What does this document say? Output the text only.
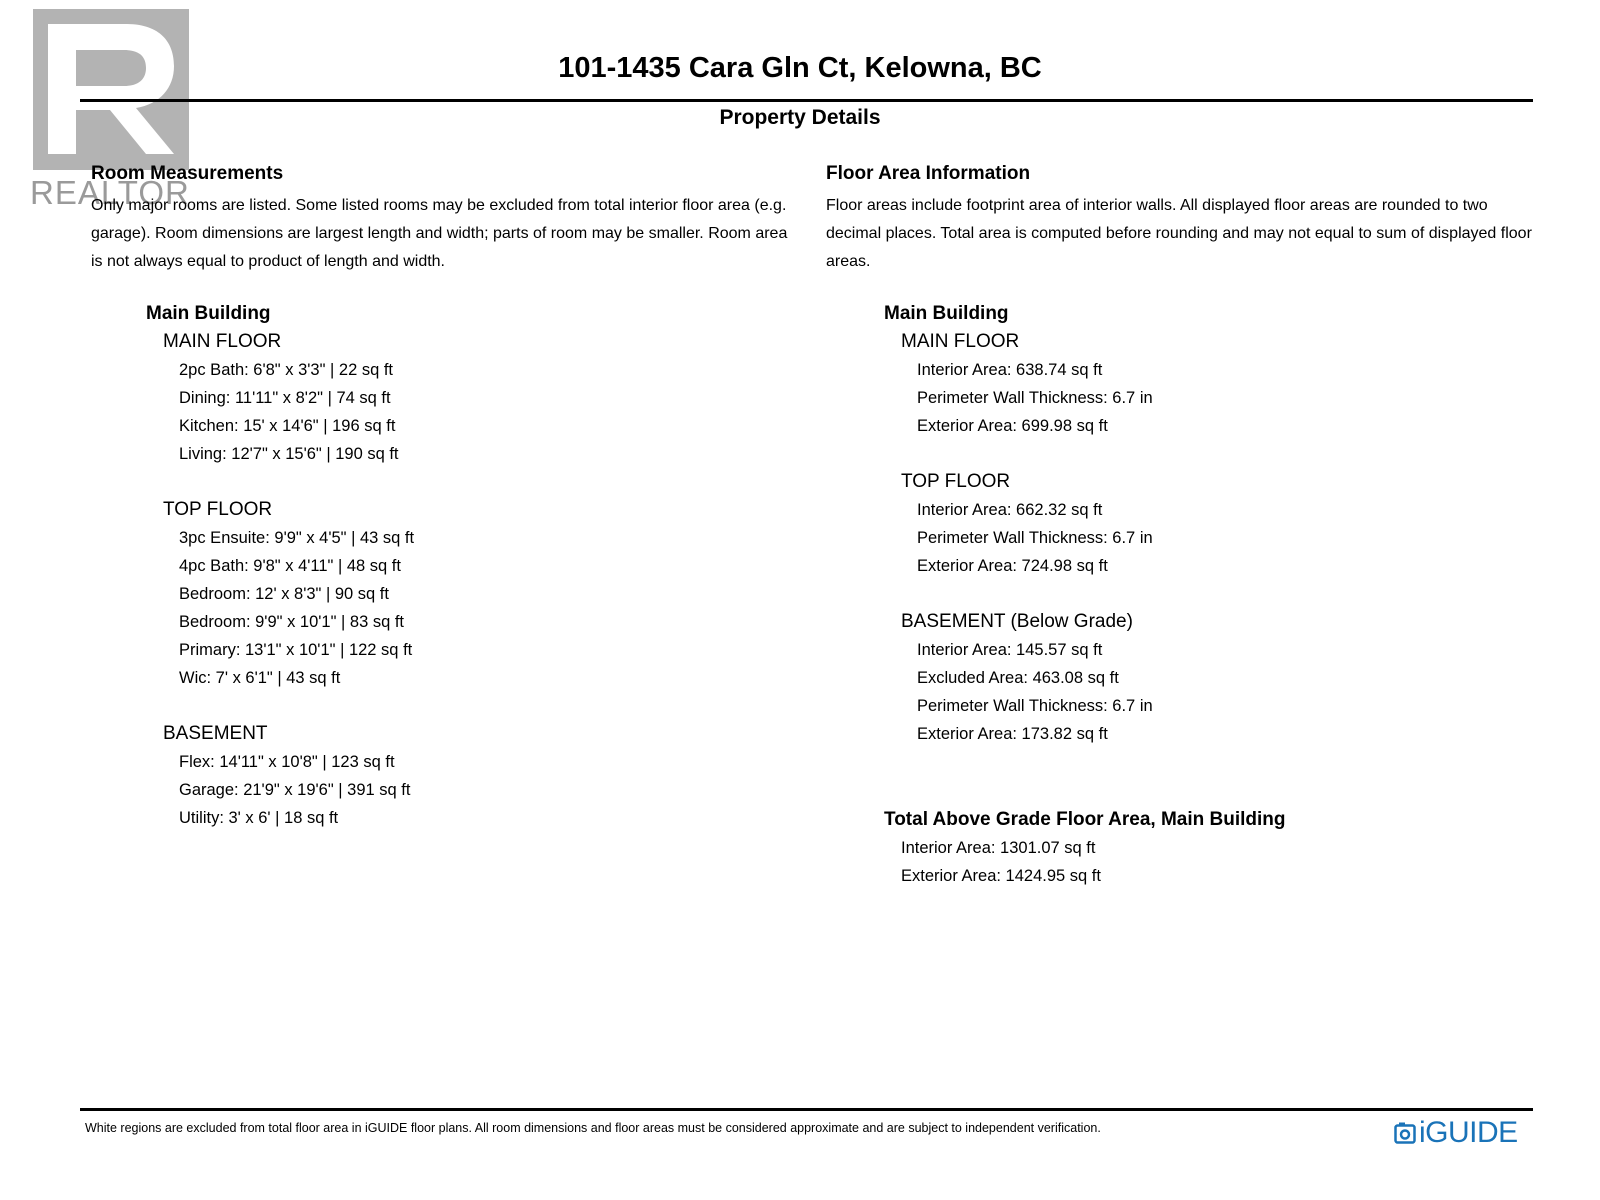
REALTOR
101-1435 Cara Gln Ct, Kelowna, BC
Property Details
Room Measurements

Only major rooms are listed. Some listed rooms may be excluded from total interior floor area (e.g. garage). Room dimensions are largest length and width; parts of room may be smaller. Room area is not always equal to product of length and width.

Main Building
MAIN FLOOR
2pc Bath: 6'8" x 3'3" | 22 sq ft
Dining: 11'11" x 8'2" | 74 sq ft
Kitchen: 15' x 14'6" | 196 sq ft
Living: 12'7" x 15'6" | 190 sq ft
TOP FLOOR
3pc Ensuite: 9'9" x 4'5" | 43 sq ft
4pc Bath: 9'8" x 4'11" | 48 sq ft
Bedroom: 12' x 8'3" | 90 sq ft
Bedroom: 9'9" x 10'1" | 83 sq ft
Primary: 13'1" x 10'1" | 122 sq ft
Wic: 7' x 6'1" | 43 sq ft
BASEMENT
Flex: 14'11" x 10'8" | 123 sq ft
Garage: 21'9" x 19'6" | 391 sq ft
Utility: 3' x 6' | 18 sq ft
Floor Area Information

Floor areas include footprint area of interior walls. All displayed floor areas are rounded to two decimal places. Total area is computed before rounding and may not equal to sum of displayed floor areas.

Main Building
MAIN FLOOR
Interior Area: 638.74 sq ft
Perimeter Wall Thickness: 6.7 in
Exterior Area: 699.98 sq ft
TOP FLOOR
Interior Area: 662.32 sq ft
Perimeter Wall Thickness: 6.7 in
Exterior Area: 724.98 sq ft
BASEMENT (Below Grade)
Interior Area: 145.57 sq ft
Excluded Area: 463.08 sq ft
Perimeter Wall Thickness: 6.7 in
Exterior Area: 173.82 sq ft
Total Above Grade Floor Area, Main Building
Interior Area: 1301.07 sq ft
Exterior Area: 1424.95 sq ft
White regions are excluded from total floor area in iGUIDE floor plans. All room dimensions and floor areas must be considered approximate and are subject to independent verification.	iGUIDE
